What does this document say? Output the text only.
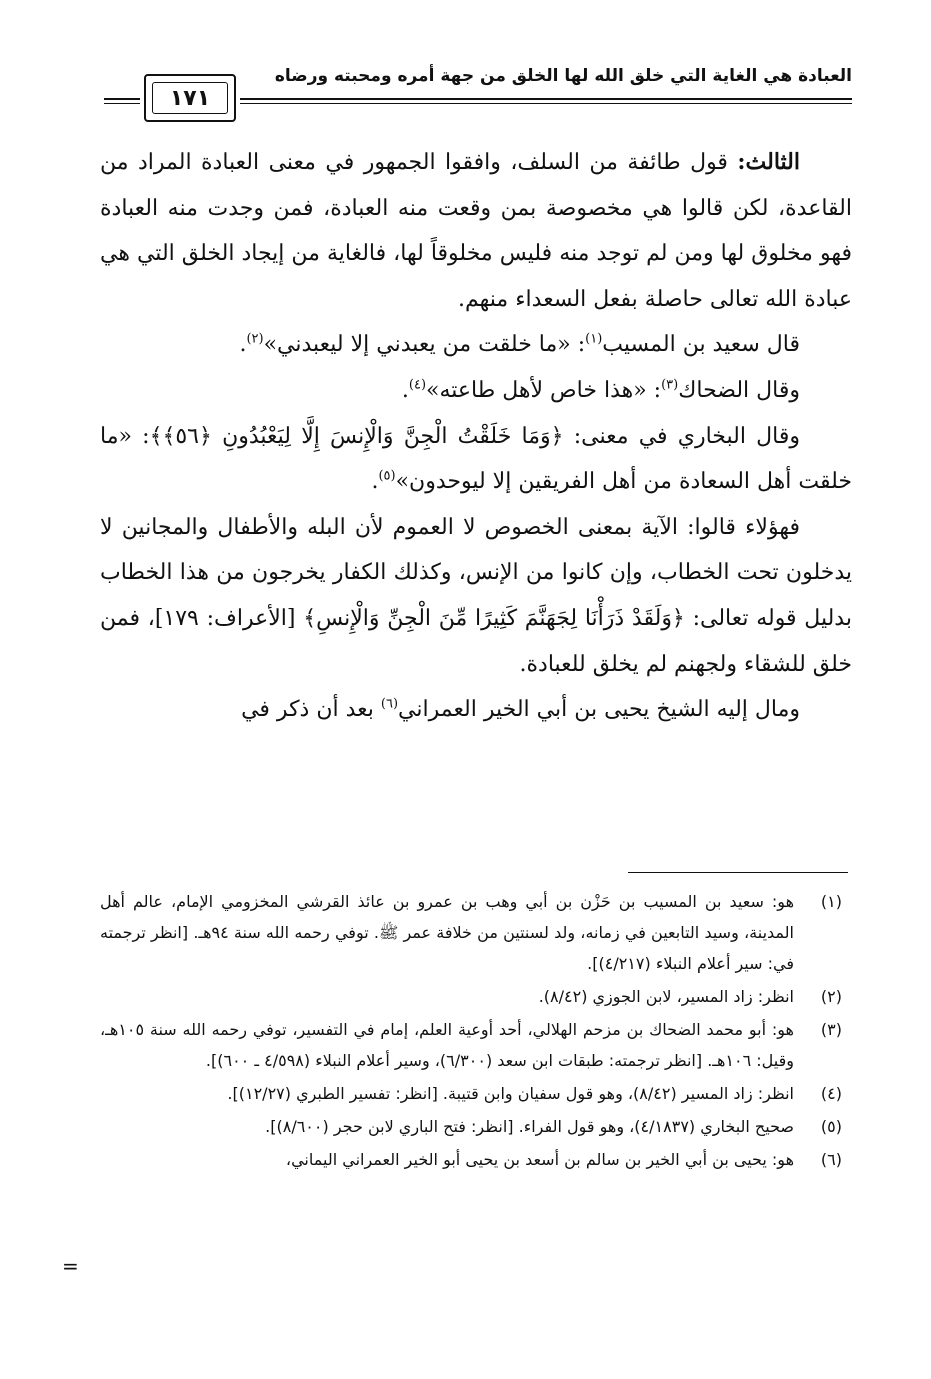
العبادة هي الغاية التي خلق الله لها الخلق من جهة أمره ومحبته ورضاه
١٧١

الثالث: قول طائفة من السلف، وافقوا الجمهور في معنى العبادة المراد من القاعدة، لكن قالوا هي مخصوصة بمن وقعت منه العبادة، فمن وجدت منه العبادة فهو مخلوق لها ومن لم توجد منه فليس مخلوقاً لها، فالغاية من إيجاد الخلق التي هي عبادة الله تعالى حاصلة بفعل السعداء منهم.

قال سعيد بن المسيب$^{(١)}$: «ما خلقت من يعبدني إلا ليعبدني»$^{(٢)}$.

وقال الضحاك$^{(٣)}$: «هذا خاص لأهل طاعته»$^{(٤)}$.

وقال البخاري في معنى: ﴿وَمَا خَلَقْتُ الْجِنَّ وَالْإِنسَ إِلَّا لِيَعْبُدُونِ ﴿٥٦﴾﴾: «ما خلقت أهل السعادة من أهل الفريقين إلا ليوحدون»$^{(٥)}$.

فهؤلاء قالوا: الآية بمعنى الخصوص لا العموم لأن البله والأطفال والمجانين لا يدخلون تحت الخطاب، وإن كانوا من الإنس، وكذلك الكفار يخرجون من هذا الخطاب بدليل قوله تعالى: ﴿وَلَقَدْ ذَرَأْنَا لِجَهَنَّمَ كَثِيرًا مِّنَ الْجِنِّ وَالْإِنسِ﴾ [الأعراف: ١٧٩]، فمن خلق للشقاء ولجهنم لم يخلق للعبادة.

ومال إليه الشيخ يحيى بن أبي الخير العمراني$^{(٦)}$ بعد أن ذكر في

(١)
هو: سعيد بن المسيب بن حَزْن بن أبي وهب بن عمرو بن عائذ القرشي المخزومي الإمام، عالم أهل المدينة، وسيد التابعين في زمانه، ولد لسنتين من خلافة عمر ﷺ. توفي رحمه الله سنة ٩٤هـ. [انظر ترجمته في: سير أعلام النبلاء (٤/٢١٧)].
(٢)
انظر: زاد المسير، لابن الجوزي (٨/٤٢).
(٣)
هو: أبو محمد الضحاك بن مزحم الهلالي، أحد أوعية العلم، إمام في التفسير، توفي رحمه الله سنة ١٠٥هـ، وقيل: ١٠٦هـ. [انظر ترجمته: طبقات ابن سعد (٦/٣٠٠)، وسير أعلام النبلاء (٤/٥٩٨ ـ ٦٠٠)].
(٤)
انظر: زاد المسير (٨/٤٢)، وهو قول سفيان وابن قتيبة. [انظر: تفسير الطبري (١٢/٢٧)].
(٥)
صحيح البخاري (٤/١٨٣٧)، وهو قول الفراء. [انظر: فتح الباري لابن حجر (٨/٦٠٠)].
(٦)
هو: يحيى بن أبي الخير بن سالم بن أسعد بن يحيى أبو الخير العمراني اليماني،
=
